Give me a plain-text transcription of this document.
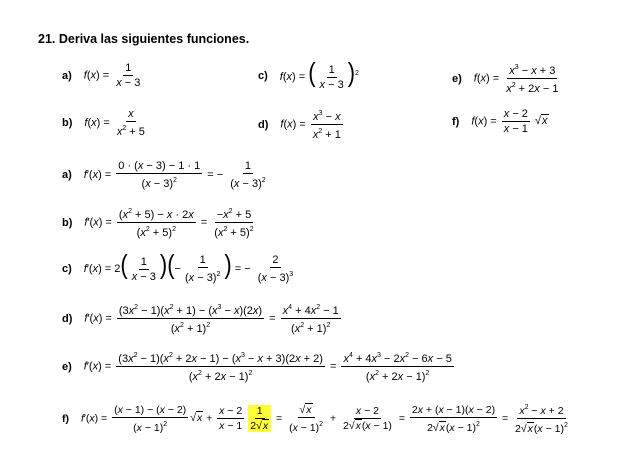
21. Deriva las siguientes funciones.
a) $f(x) = \frac{1}{x - 3}$	c) f(x) = ( $\frac{1}{x - 3} )^2$	e) $f(x) = \frac{x^3 - x + 3}{x^2 + 2x - 1}$
b) $f(x) = \frac{x}{x^2 + 5}$	d) $f(x) = \frac{x^3 - x}{x^2 + 1}$	f) $f(x) = \frac{x - 2}{x - 1} √x$
a) $f'(x) = \frac{0 \cdot (x - 3) - 1 \cdot 1}{(x - 3)^2}$ = − $\frac{1}{(x - 3)^2}$
b) $f'(x) = \frac{(x^2 + 5) - x \cdot 2x}{(x^2 + 5)^2} = \frac{-x^2 + 5}{(x^2 + 5)^2}$
c) $f'(x) = 2( \frac{1}{x - 3}$ )(− $\frac{1}{(x - 3)^2}$ ) = − $\frac{2}{(x - 3)^3}$
d) $f'(x) = \frac{(3x^2 - 1)(x^2 + 1) - (x^3 - x)(2x)}{(x^2 + 1)^2} = \frac{x^4 + 4x^2 - 1}{(x^2 + 1)^2}$
e) $f'(x) = \frac{(3x^2 - 1)(x^2 + 2x - 1) - (x^3 - x + 3)(2x + 2)}{(x^2 + 2x - 1)^2} = \frac{x^4 + 4x^3 - 2x^2 - 6x - 5}{(x^2 + 2x - 1)^2}$
f) $f'(x) = \frac{(x - 1) - (x - 2)}{(x - 1)^2} √x + \frac{x - 2}{x - 1} \frac{1}{2√x} = \frac{√x}{(x - 1)^2} + \frac{x - 2}{2√x(x - 1)} = \frac{2x + (x - 1)(x - 2)}{2√x(x - 1)^2} = \frac{x^2 - x + 2}{2√x(x - 1)^2}$
